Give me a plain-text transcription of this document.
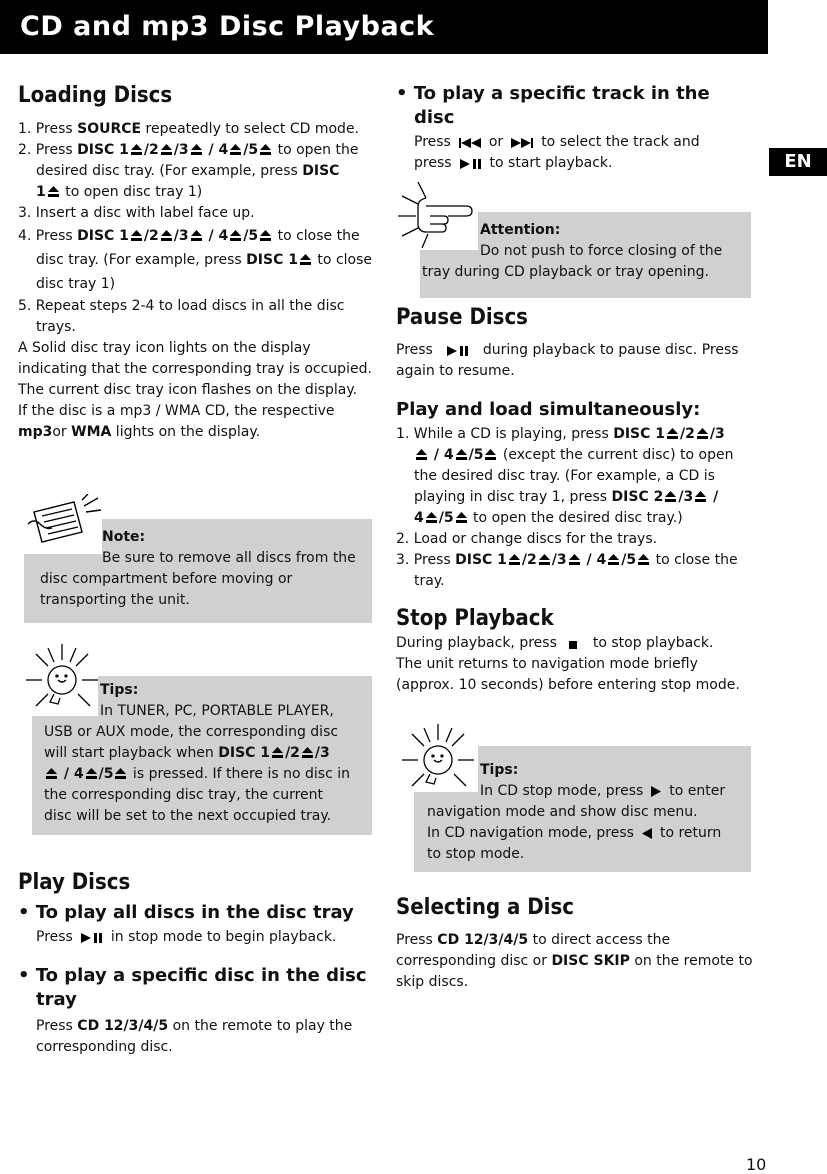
CD and mp3 Disc Playback
EN
Loading Discs

1. Press SOURCE repeatedly to select CD mode.

2. Press DISC 1 /2 /3 / 4 /5 to open the desired disc tray. (For example, press DISC
1 to open disc tray 1)

3. Insert a disc with label face up.

4. Press DISC 1 /2 /3 / 4 /5 to close the disc tray. (For example, press DISC 1 to close disc tray 1)

5. Repeat steps 2-4 to load discs in all the disc trays.

A Solid disc tray icon lights on the display indicating that the corresponding tray is occupied. The current disc tray icon flashes on the display.

If the disc is a mp3 / WMA CD, the respective mp3or WMA lights on the display.

Note:
Be sure to remove all discs from the
disc compartment before moving or transporting the unit.
Tips:
In TUNER, PC, PORTABLE PLAYER,
USB or AUX mode, the corresponding disc will start playback when DISC 1 /2 /3
/ 4 /5 is pressed. If there is no disc in the corresponding disc tray, the current disc will be set to the next occupied tray.
Play Discs
• To play all discs in the disc tray

Press	in stop mode to begin playback.

• To play a specific disc in the disc tray

Press CD 12/3/4/5 on the remote to play the corresponding disc.

• To play a specific track in the disc

Press	or	to select the track and
press	to start playback.

Attention:
Do not push to force closing of the
tray during CD playback or tray opening.
Pause Discs

Press	during playback to pause disc. Press
again to resume.

Play and load simultaneously:

1. While a CD is playing, press DISC 1 /2 /3
/ 4 /5 (except the current disc) to open the desired disc tray. (For example, a CD is playing in disc tray 1, press DISC 2 /3 /
4 /5 to open the desired disc tray.)

2. Load or change discs for the trays.

3. Press DISC 1 /2 /3 / 4 /5 to close the tray.

Stop Playback

During playback, press	to stop playback.

The unit returns to navigation mode briefly (approx. 10 seconds) before entering stop mode.

Tips:
In CD stop mode, press to enter
navigation mode and show disc menu.
In CD navigation mode, press to return
to stop mode.
Selecting a Disc

Press CD 12/3/4/5 to direct access the corresponding disc or DISC SKIP on the remote to skip discs.

10
